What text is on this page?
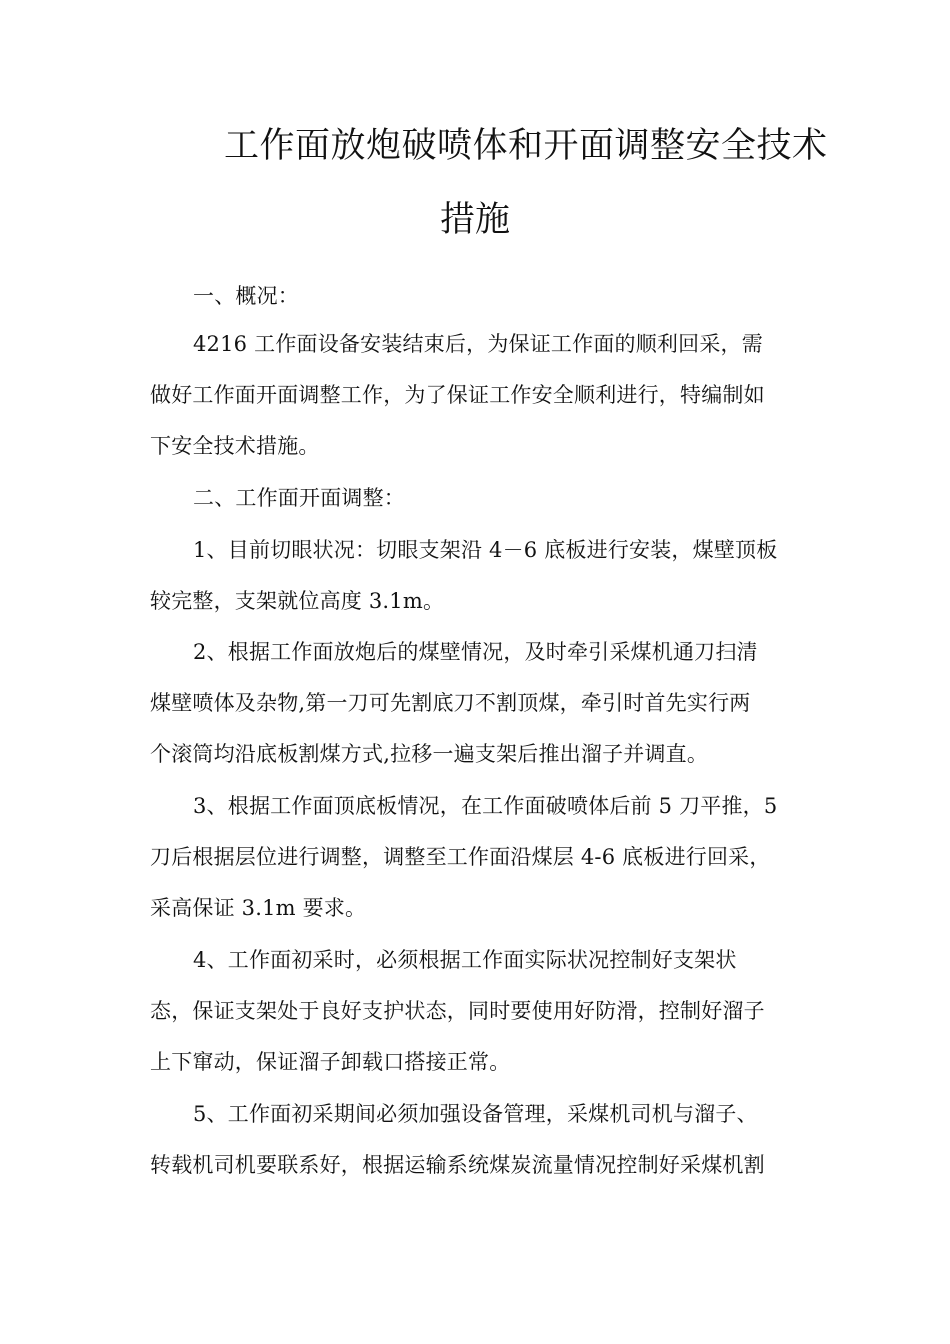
工作面放炮破喷体和开面调整安全技术
措施
一、概况：
4216 工作面设备安装结束后，为保证工作面的顺利回采，需
做好工作面开面调整工作，为了保证工作安全顺利进行，特编制如
下安全技术措施。
二、工作面开面调整：
1、目前切眼状况：切眼支架沿 4－6 底板进行安装，煤壁顶板
较完整，支架就位高度 3.1m。
2、根据工作面放炮后的煤壁情况，及时牵引采煤机通刀扫清
煤壁喷体及杂物,第一刀可先割底刀不割顶煤，牵引时首先实行两
个滚筒均沿底板割煤方式,拉移一遍支架后推出溜子并调直。
3、根据工作面顶底板情况，在工作面破喷体后前 5 刀平推，5
刀后根据层位进行调整，调整至工作面沿煤层 4-6 底板进行回采，
采高保证 3.1m 要求。
4、工作面初采时，必须根据工作面实际状况控制好支架状
态，保证支架处于良好支护状态，同时要使用好防滑，控制好溜子
上下窜动，保证溜子卸载口搭接正常。
5、工作面初采期间必须加强设备管理，采煤机司机与溜子、
转载机司机要联系好，根据运输系统煤炭流量情况控制好采煤机割
